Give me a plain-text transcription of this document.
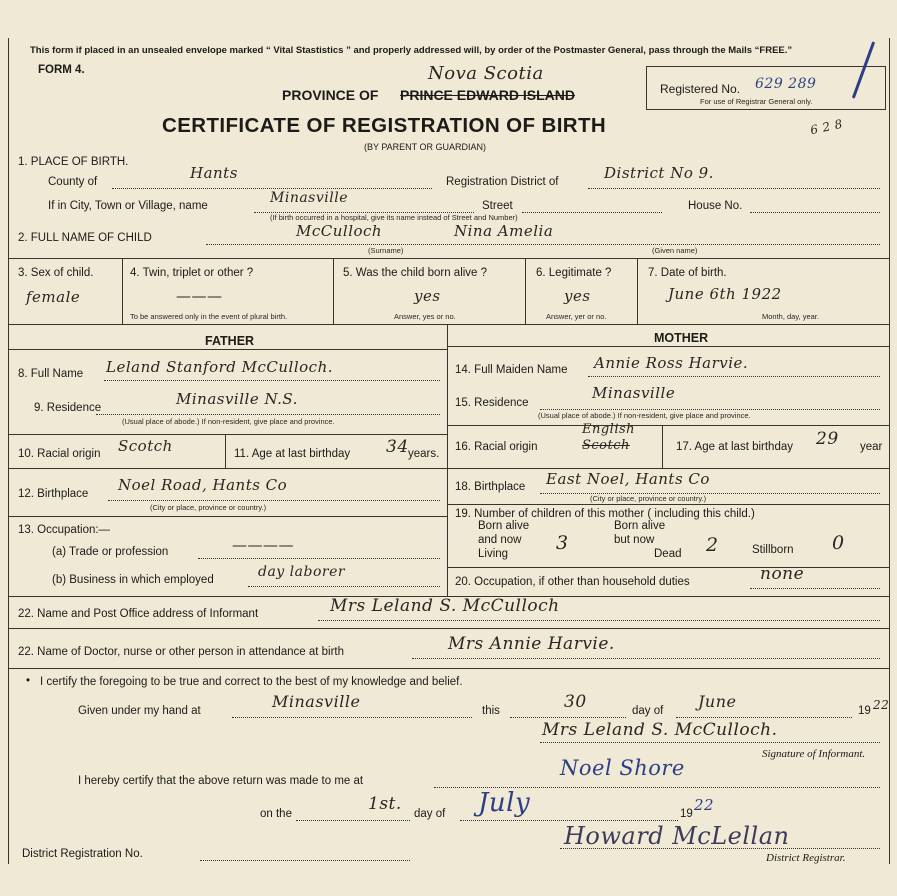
This form if placed in an unsealed envelope marked “ Vital Stastistics ” and properly addressed will, by order of the Postmaster General, pass through the Mails “FREE.”
FORM 4.	Nova Scotia
PROVINCE OF PRINCE EDWARD ISLAND	Registered No. 629 289
For use of Registrar General only.
6 2 8
CERTIFICATE OF REGISTRATION OF BIRTH
(BY PARENT OR GUARDIAN)
1. PLACE OF BIRTH.
County of	Hants	Registration District of	District No 9.
If in City, Town or Village, name	Minasville	Street	House No.
(If birth occurred in a hospital, give its name instead of Street and Number)
2. FULL NAME OF CHILD	McCulloch	Nina Amelia
(Surname)	(Given name)
3. Sex of child.
female
4. Twin, triplet or other ?
———
To be answered only in the event of plural birth.
5. Was the child born alive ?
yes
Answer, yes or no.
6. Legitimate ?
yes
Answer, yer or no.
7. Date of birth.
June 6th 1922
Month, day, year.
FATHER	MOTHER
8. Full Name Leland Stanford McCulloch.
9. Residence	Minasville N.S.
(Usual place of abode.) If non-resident, give place and province.
10. Racial origin Scotch	11. Age at last birthday 34 years.
12. Birthplace Noel Road, Hants Co
(City or place, province or country.)
13. Occupation:—
(a) Trade or profession	————
(b) Business in which employed	day laborer
14. Full Maiden Name Annie Ross Harvie.
15. Residence
Minasville
(Usual place of abode.) If non-resident, give place and province.
16. Racial origin
English
Scotch	17. Age at last birthday 29 year
18. Birthplace East Noel, Hants Co
(City or place, province or country.)
19. Number of children of this mother ( including this child.)
Born alive
and now
Living	3
Born alive
but now
Dead 2	Stillborn 0
20. Occupation, if other than household duties	none
22. Name and Post Office address of Informant	Mrs Leland S. McCulloch
22. Name of Doctor, nurse or other person in attendance at birth	Mrs Annie Harvie.
• I certify the foregoing to be true and correct to the best of my knowledge and belief.
Given under my hand at	Minasville	this	30	day of June	19 22
Mrs Leland S. McCulloch.
Signature of Informant.
I hereby certify that the above return was made to me at
Noel Shore
on the	1st. day of July	19 22
District Registration No.
Howard McLellan
District Registrar.
